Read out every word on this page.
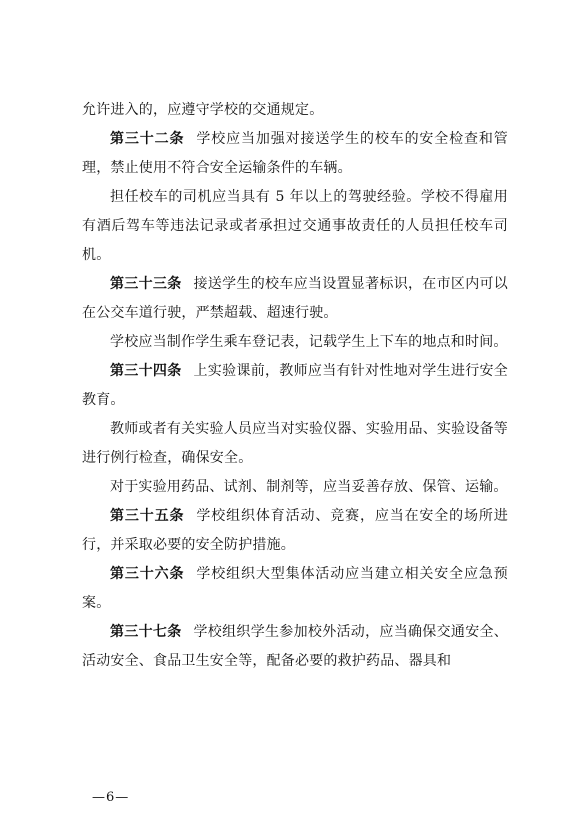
允许进入的，应遵守学校的交通规定。

第三十二条 学校应当加强对接送学生的校车的安全检查和管理，禁止使用不符合安全运输条件的车辆。

担任校车的司机应当具有 5 年以上的驾驶经验。学校不得雇用有酒后驾车等违法记录或者承担过交通事故责任的人员担任校车司机。

第三十三条 接送学生的校车应当设置显著标识，在市区内可以在公交车道行驶，严禁超载、超速行驶。

学校应当制作学生乘车登记表，记载学生上下车的地点和时间。

第三十四条 上实验课前，教师应当有针对性地对学生进行安全教育。

教师或者有关实验人员应当对实验仪器、实验用品、实验设备等进行例行检查，确保安全。

对于实验用药品、试剂、制剂等，应当妥善存放、保管、运输。

第三十五条 学校组织体育活动、竞赛，应当在安全的场所进行，并采取必要的安全防护措施。

第三十六条 学校组织大型集体活动应当建立相关安全应急预案。

第三十七条 学校组织学生参加校外活动，应当确保交通安全、活动安全、食品卫生安全等，配备必要的救护药品、器具和

—6—
